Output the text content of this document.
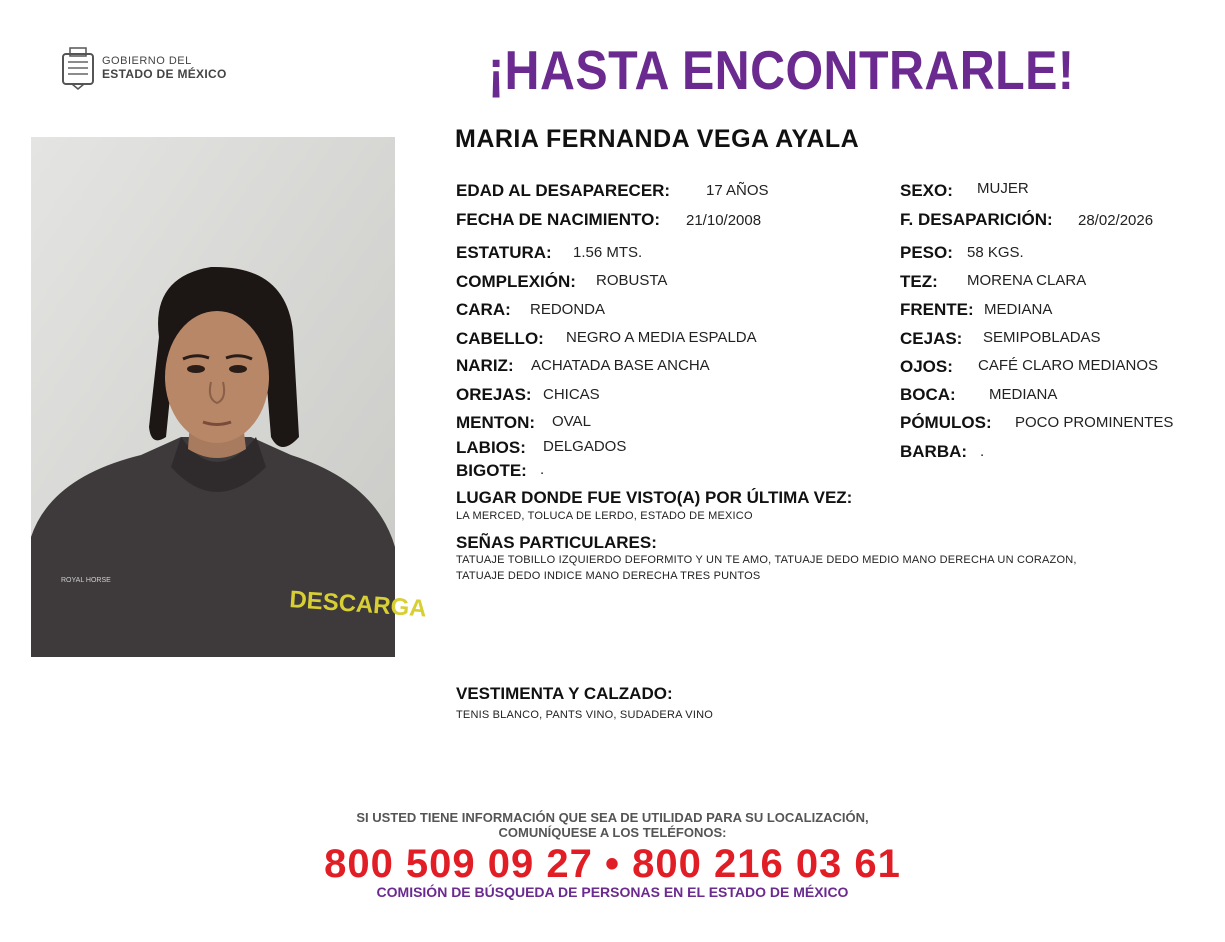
GOBIERNO DEL
ESTADO DE MÉXICO	¡HASTA ENCONTRARLE!
DESCARGA
ROYAL HORSE
MARIA FERNANDA VEGA AYALA
EDAD AL DESAPARECER: 17 AÑOS
FECHA DE NACIMIENTO: 21/10/2008
ESTATURA: 1.56 MTS.
COMPLEXIÓN: ROBUSTA
CARA: REDONDA
CABELLO: NEGRO A MEDIA ESPALDA
NARIZ: ACHATADA BASE ANCHA
OREJAS: CHICAS
MENTON: OVAL
LABIOS: DELGADOS
BIGOTE: .
SEXO: MUJER
F. DESAPARICIÓN: 28/02/2026
PESO: 58 KGS.
TEZ: MORENA CLARA
FRENTE: MEDIANA
CEJAS: SEMIPOBLADAS
OJOS: CAFÉ CLARO MEDIANOS
BOCA: MEDIANA
PÓMULOS: POCO PROMINENTES
BARBA: .
LUGAR DONDE FUE VISTO(A) POR ÚLTIMA VEZ:
LA MERCED, TOLUCA DE LERDO, ESTADO DE MEXICO
SEÑAS PARTICULARES:
TATUAJE TOBILLO IZQUIERDO DEFORMITO Y UN TE AMO, TATUAJE DEDO MEDIO MANO DERECHA UN CORAZON,
TATUAJE DEDO INDICE MANO DERECHA TRES PUNTOS
VESTIMENTA Y CALZADO:
TENIS BLANCO, PANTS VINO, SUDADERA VINO
SI USTED TIENE INFORMACIÓN QUE SEA DE UTILIDAD PARA SU LOCALIZACIÓN,
COMUNÍQUESE A LOS TELÉFONOS:
800 509 09 27 • 800 216 03 61
COMISIÓN DE BÚSQUEDA DE PERSONAS EN EL ESTADO DE MÉXICO
